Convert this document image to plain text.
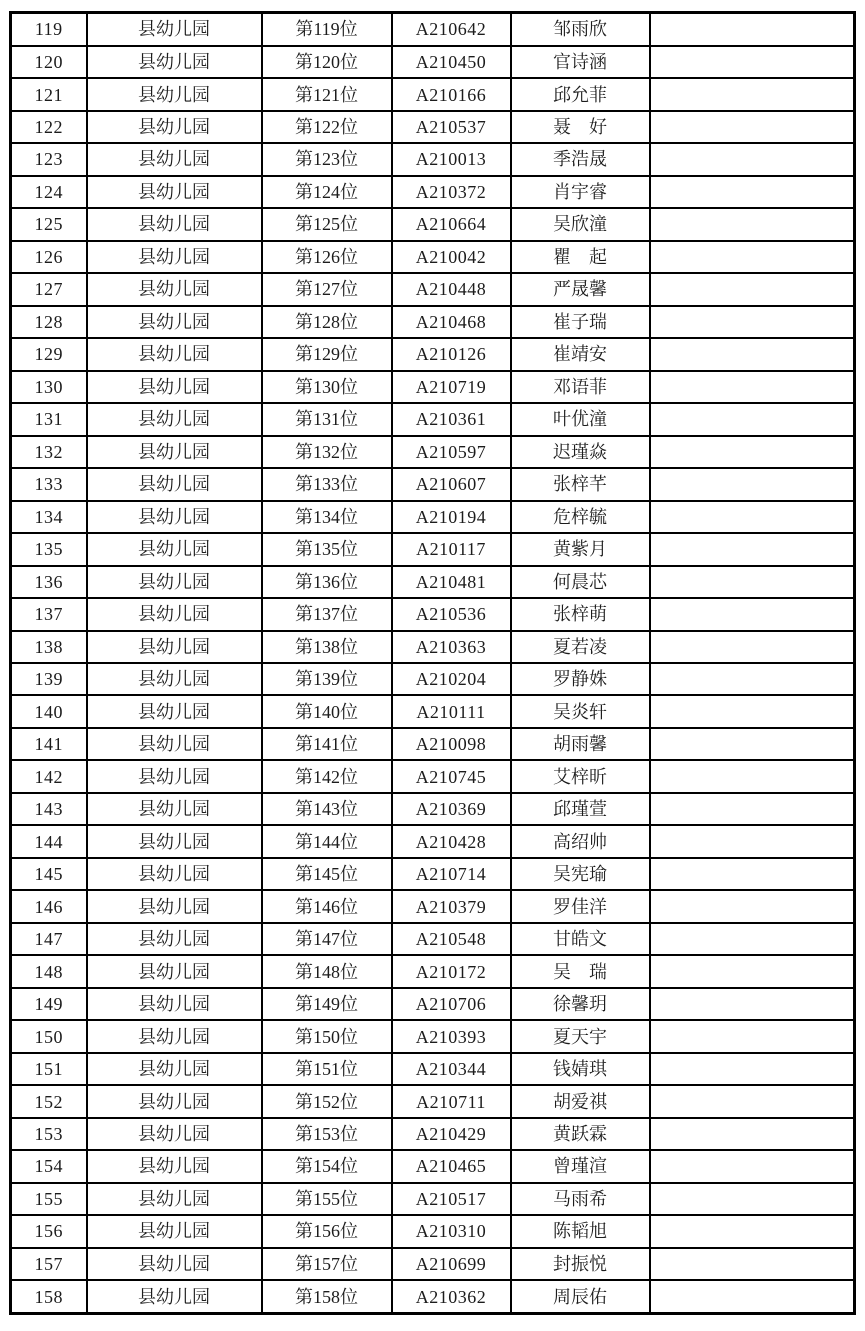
119	县幼儿园	第119位	A210642	邹雨欣	
120	县幼儿园	第120位	A210450	官诗涵	
121	县幼儿园	第121位	A210166	邱允菲	
122	县幼儿园	第122位	A210537	聂　好	
123	县幼儿园	第123位	A210013	季浩晟	
124	县幼儿园	第124位	A210372	肖宇睿	
125	县幼儿园	第125位	A210664	吴欣潼	
126	县幼儿园	第126位	A210042	瞿　起	
127	县幼儿园	第127位	A210448	严晟馨	
128	县幼儿园	第128位	A210468	崔子瑞	
129	县幼儿园	第129位	A210126	崔靖安	
130	县幼儿园	第130位	A210719	邓语菲	
131	县幼儿园	第131位	A210361	叶优潼	
132	县幼儿园	第132位	A210597	迟瑾焱	
133	县幼儿园	第133位	A210607	张梓芊	
134	县幼儿园	第134位	A210194	危梓毓	
135	县幼儿园	第135位	A210117	黄紫月	
136	县幼儿园	第136位	A210481	何晨芯	
137	县幼儿园	第137位	A210536	张梓萌	
138	县幼儿园	第138位	A210363	夏若凌	
139	县幼儿园	第139位	A210204	罗静姝	
140	县幼儿园	第140位	A210111	吴炎轩	
141	县幼儿园	第141位	A210098	胡雨馨	
142	县幼儿园	第142位	A210745	艾梓昕	
143	县幼儿园	第143位	A210369	邱瑾萱	
144	县幼儿园	第144位	A210428	高绍帅	
145	县幼儿园	第145位	A210714	吴宪瑜	
146	县幼儿园	第146位	A210379	罗佳洋	
147	县幼儿园	第147位	A210548	甘皓文	
148	县幼儿园	第148位	A210172	吴　瑞	
149	县幼儿园	第149位	A210706	徐馨玥	
150	县幼儿园	第150位	A210393	夏天宇	
151	县幼儿园	第151位	A210344	钱婧琪	
152	县幼儿园	第152位	A210711	胡爱祺	
153	县幼儿园	第153位	A210429	黄跃霖	
154	县幼儿园	第154位	A210465	曾瑾渲	
155	县幼儿园	第155位	A210517	马雨希	
156	县幼儿园	第156位	A210310	陈韬旭	
157	县幼儿园	第157位	A210699	封振悦	
158	县幼儿园	第158位	A210362	周辰佑	
